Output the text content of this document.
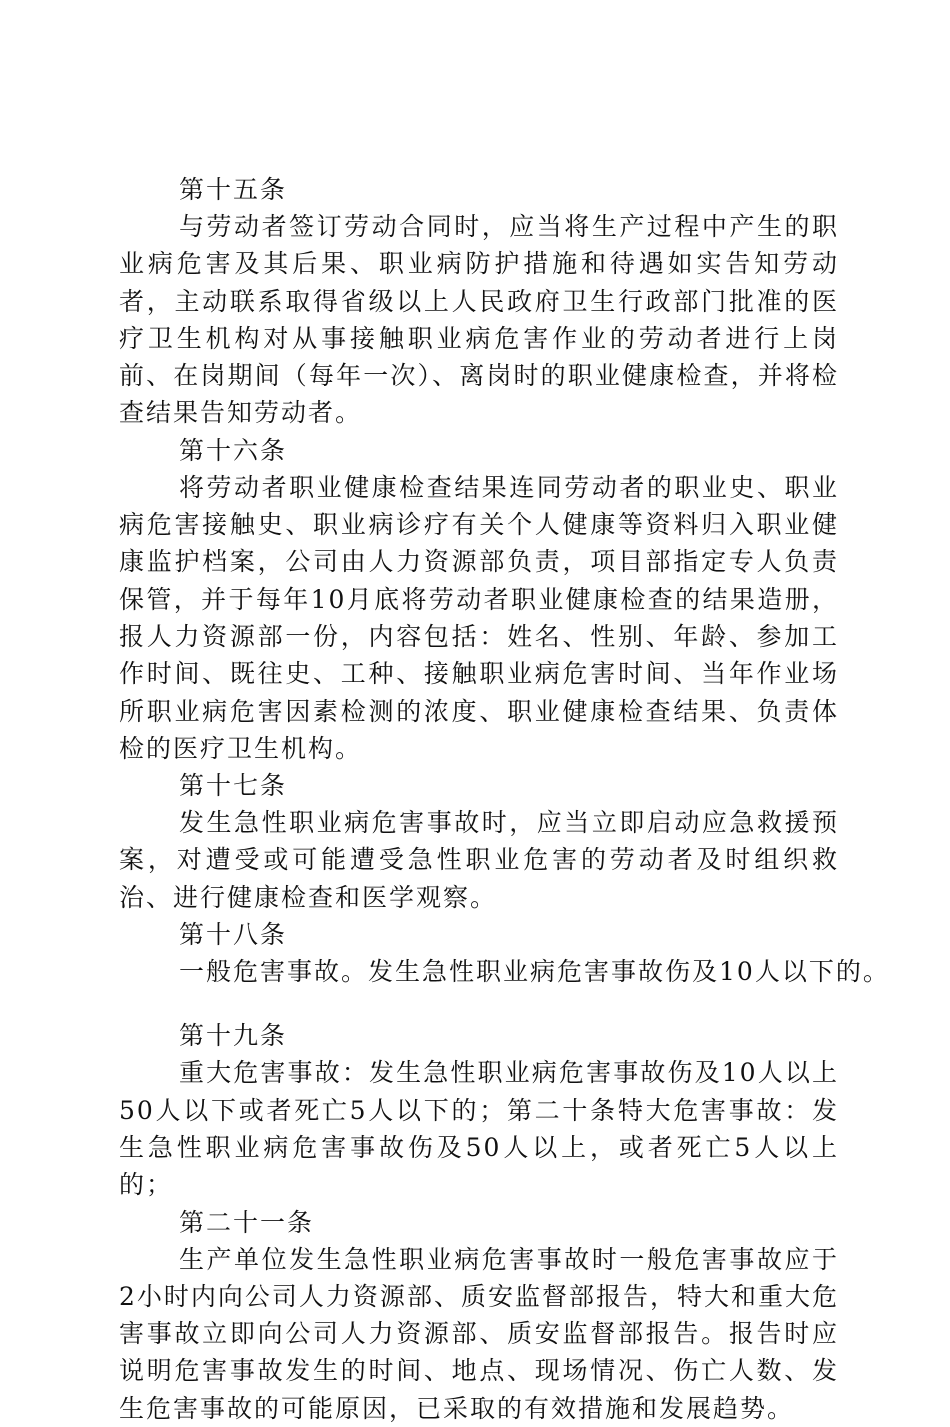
第十五条

与劳动者签订劳动合同时，应当将生产过程中产生的职业病危害及其后果、职业病防护措施和待遇如实告知劳动者，主动联系取得省级以上人民政府卫生行政部门批准的医疗卫生机构对从事接触职业病危害作业的劳动者进行上岗前、在岗期间（每年一次）、离岗时的职业健康检查，并将检查结果告知劳动者。

第十六条

将劳动者职业健康检查结果连同劳动者的职业史、职业病危害接触史、职业病诊疗有关个人健康等资料归入职业健康监护档案，公司由人力资源部负责，项目部指定专人负责保管，并于每年10月底将劳动者职业健康检查的结果造册，报人力资源部一份，内容包括：姓名、性别、年龄、参加工作时间、既往史、工种、接触职业病危害时间、当年作业场所职业病危害因素检测的浓度、职业健康检查结果、负责体检的医疗卫生机构。

第十七条

发生急性职业病危害事故时，应当立即启动应急救援预案，对遭受或可能遭受急性职业危害的劳动者及时组织救治、进行健康检查和医学观察。

第十八条

一般危害事故。发生急性职业病危害事故伤及10人以下的。

第十九条

重大危害事故：发生急性职业病危害事故伤及10人以上50人以下或者死亡5人以下的；第二十条特大危害事故：发生急性职业病危害事故伤及50人以上，或者死亡5人以上的；

第二十一条

生产单位发生急性职业病危害事故时一般危害事故应于2小时内向公司人力资源部、质安监督部报告，特大和重大危害事故立即向公司人力资源部、质安监督部报告。报告时应说明危害事故发生的时间、地点、现场情况、伤亡人数、发生危害事故的可能原因，已采取的有效措施和发展趋势。
